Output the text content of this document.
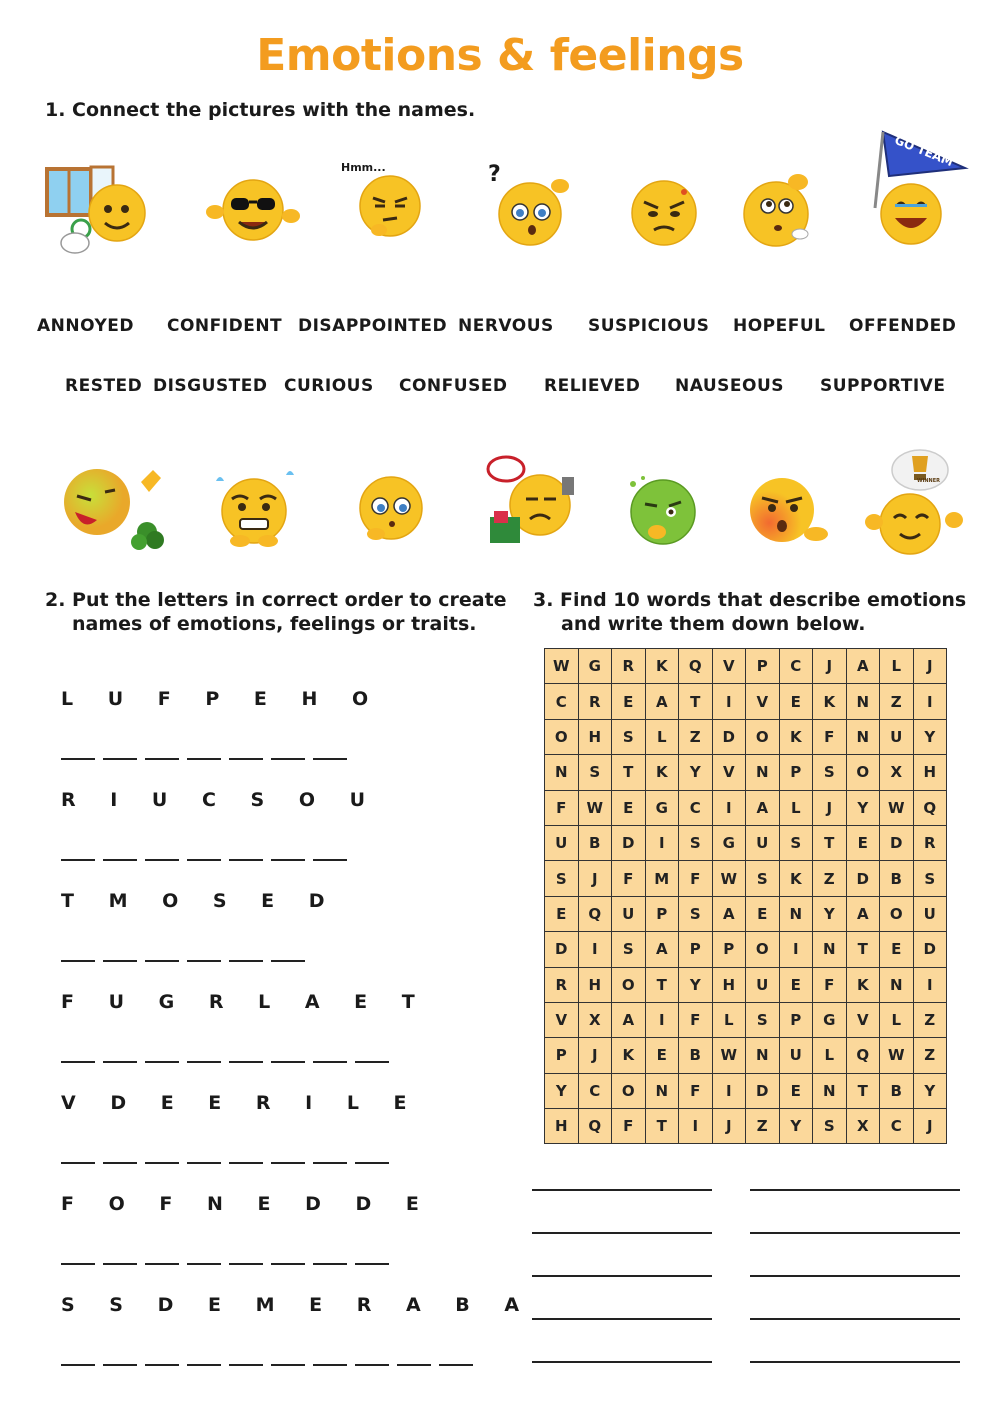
Emotions & feelings
1. Connect the pictures with the names.
Hmm...	?
GO TEAM
ANNOYED CONFIDENT DISAPPOINTED NERVOUS SUSPICIOUS HOPEFUL OFFENDED
RESTED DISGUSTED CURIOUS CONFUSED RELIEVED NAUSEOUS SUPPORTIVE
WINNER
2. Put the letters in correct order to create
names of emotions, feelings or traits.
L U F P E H O
R I U C S O U
T M O S E D
F U G R L A E T
V D E E R I L E
F O F N E D D E
S S D E M E R A B A
3. Find 10 words that describe emotions
and write them down below.
W	G	R	K	Q	V	P	C	J	A	L	J
C	R	E	A	T	I	V	E	K	N	Z	I
O	H	S	L	Z	D	O	K	F	N	U	Y
N	S	T	K	Y	V	N	P	S	O	X	H
F	W	E	G	C	I	A	L	J	Y	W	Q
U	B	D	I	S	G	U	S	T	E	D	R
S	J	F	M	F	W	S	K	Z	D	B	S
E	Q	U	P	S	A	E	N	Y	A	O	U
D	I	S	A	P	P	O	I	N	T	E	D
R	H	O	T	Y	H	U	E	F	K	N	I
V	X	A	I	F	L	S	P	G	V	L	Z
P	J	K	E	B	W	N	U	L	Q	W	Z
Y	C	O	N	F	I	D	E	N	T	B	Y
H	Q	F	T	I	J	Z	Y	S	X	C	J
